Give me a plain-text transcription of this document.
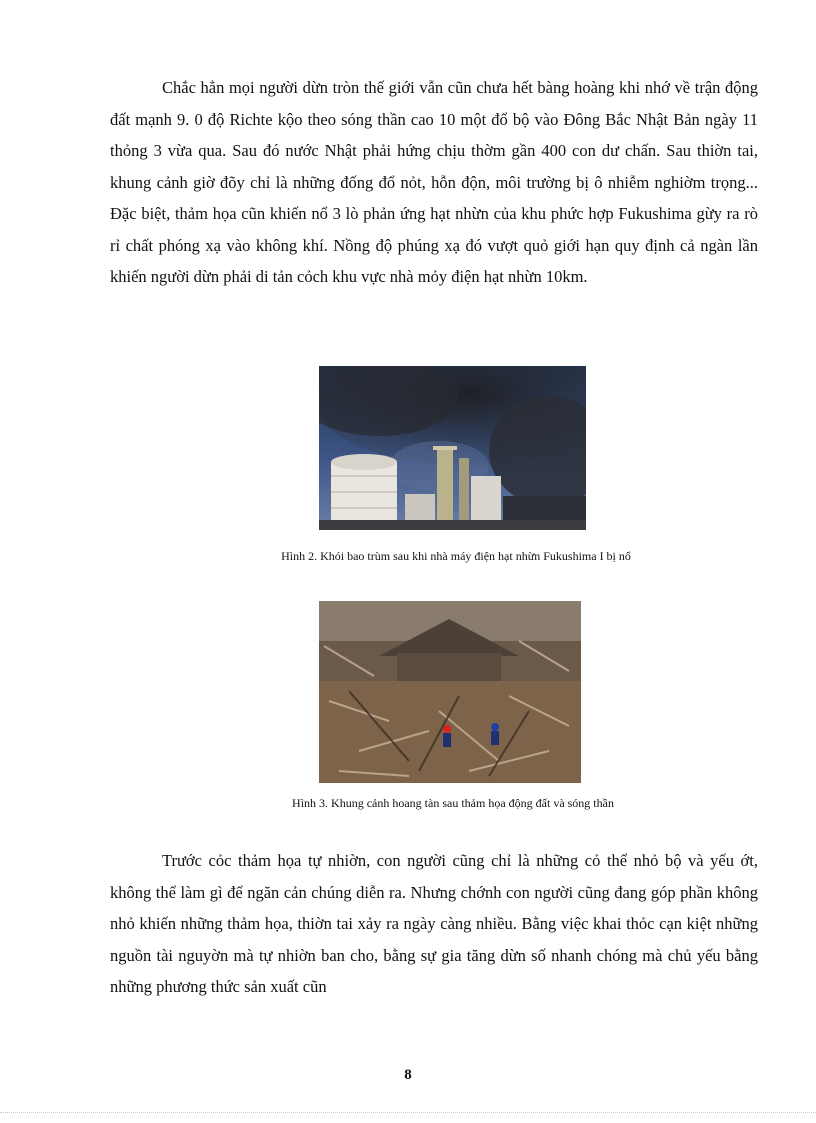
Chắc hẳn mọi người dừn tròn thế giới vẫn cũn chưa hết bàng hoàng khi nhớ về trận động đất mạnh 9. 0 độ Richte kộo theo sóng thần cao 10 một đổ bộ vào Đông Bắc Nhật Bản ngày 11 thỏng 3 vừa qua. Sau đó nước Nhật phải hứng chịu thờm gần 400 con dư chấn. Sau thiờn tai, khung cảnh giờ đõy chỉ là những đống đổ nỏt, hỗn độn, môi trường bị ô nhiễm nghiờm trọng... Đặc biệt, thảm họa cũn khiến nổ 3 lò phản ứng hạt nhừn của khu phức hợp Fukushima gừy ra rò rỉ chất phóng xạ vào không khí. Nồng độ phúng xạ đó vượt quỏ giới hạn quy định cả ngàn lần khiến người dừn phải di tản cỏch khu vực nhà mỏy điện hạt nhừn 10km.

Hình 2. Khói bao trùm sau khi nhà máy điện hạt nhừn Fukushima I bị nổ
Hình 3. Khung cảnh hoang tàn sau thảm họa động đất và sóng thần

Trước cỏc thảm họa tự nhiờn, con người cũng chỉ là những cỏ thể nhỏ bộ và yếu ớt, không thể làm gì để ngăn cản chúng diễn ra. Nhưng chớnh con người cũng đang góp phần không nhỏ khiến những thảm họa, thiờn tai xảy ra ngày càng nhiều. Bằng việc khai thỏc cạn kiệt những nguồn tài nguyờn mà tự nhiờn ban cho, bằng sự gia tăng dừn số nhanh chóng mà chủ yếu bằng những phương thức sản xuất cũn

8
